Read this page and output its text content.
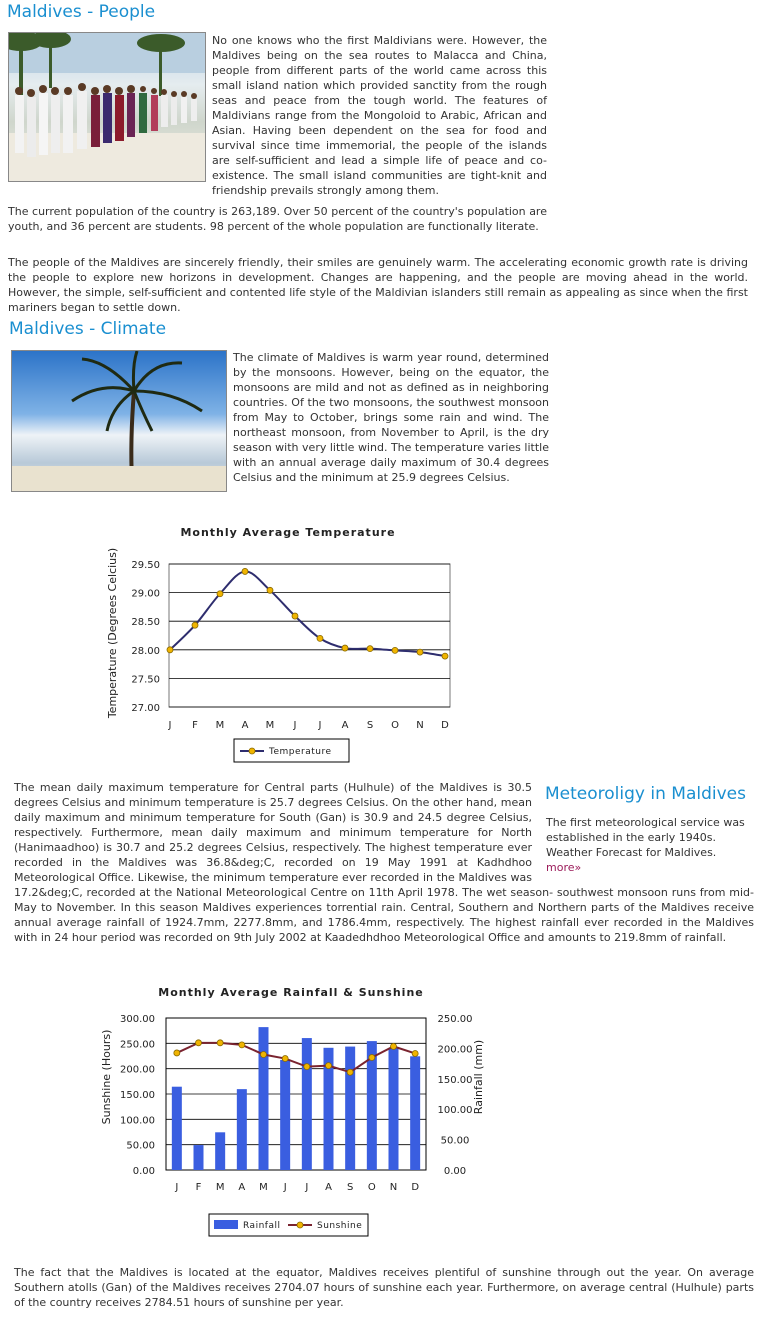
Maldives - People

No one knows who the first Maldivians were. However, the Maldives being on the sea routes to Malacca and China, people from different parts of the world came across this small island nation which provided sanctity from the rough seas and peace from the tough world. The features of Maldivians range from the Mongoloid to Arabic, African and Asian. Having been dependent on the sea for food and survival since time immemorial, the people of the islands are self-sufficient and lead a simple life of peace and co-existence. The small island communities are tight-knit and friendship prevails strongly among them.

The current population of the country is 263,189. Over 50 percent of the country's population are youth, and 36 percent are students. 98 percent of the whole population are functionally literate.

The people of the Maldives are sincerely friendly, their smiles are genuinely warm. The accelerating economic growth rate is driving the people to explore new horizons in development. Changes are happening, and the people are moving ahead in the world. However, the simple, self-sufficient and contented life style of the Maldivian islanders still remain as appealing as since when the first mariners began to settle down.

Maldives - Climate

The climate of Maldives is warm year round, determined by the monsoons. However, being on the equator, the monsoons are mild and not as defined as in neighboring countries. Of the two monsoons, the southwest monsoon from May to October, brings some rain and wind. The northeast monsoon, from November to April, is the dry season with very little wind. The temperature varies little with an annual average daily maximum of 30.4 degrees Celsius and the minimum at 25.9 degrees Celsius.

Monthly Average Temperature
Temperature (Degrees Celcius) 29.50
29.00
28.50
28.00
27.50
27.00
J F M A M J J A S O N D
Temperature
Meteoroligy in Maldives

The first meteorological service was established in the early 1940s. Weather Forecast for Maldives.

more»

The mean daily maximum temperature for Central parts (Hulhule) of the Maldives is 30.5 degrees Celsius and minimum temperature is 25.7 degrees Celsius. On the other hand, mean daily maximum and minimum temperature for South (Gan) is 30.9 and 24.5 degree Celsius, respectively. Furthermore, mean daily maximum and minimum temperature for North (Hanimaadhoo) is 30.7 and 25.2 degrees Celsius, respectively. The highest temperature ever recorded in the Maldives was 36.8&deg;C, recorded on 19 May 1991 at Kadhdhoo Meteorological Office. Likewise, the minimum temperature ever recorded in the Maldives was 17.2&deg;C, recorded at the National Meteorological Centre on 11th April 1978. The wet season- southwest monsoon runs from mid-May to November. In this season Maldives experiences torrential rain. Central, Southern and Northern parts of the Maldives receive annual average rainfall of 1924.7mm, 2277.8mm, and 1786.4mm, respectively. The highest rainfall ever recorded in the Maldives with in 24 hour period was recorded on 9th July 2002 at Kaadedhdhoo Meteorological Office and amounts to 219.8mm of rainfall.

Monthly Average Rainfall & Sunshine
Sunshine (Hours)	Rainfall (mm)
300.00
250.00
200.00
150.00
100.00
50.00
0.00
250.00
200.00
150.00
100.00
50.00
0.00
J F M A M J J A S O N D
Rainfall	Sunshine

The fact that the Maldives is located at the equator, Maldives receives plentiful of sunshine through out the year. On average Southern atolls (Gan) of the Maldives receives 2704.07 hours of sunshine each year. Furthermore, on average central (Hulhule) parts of the country receives 2784.51 hours of sunshine per year.
